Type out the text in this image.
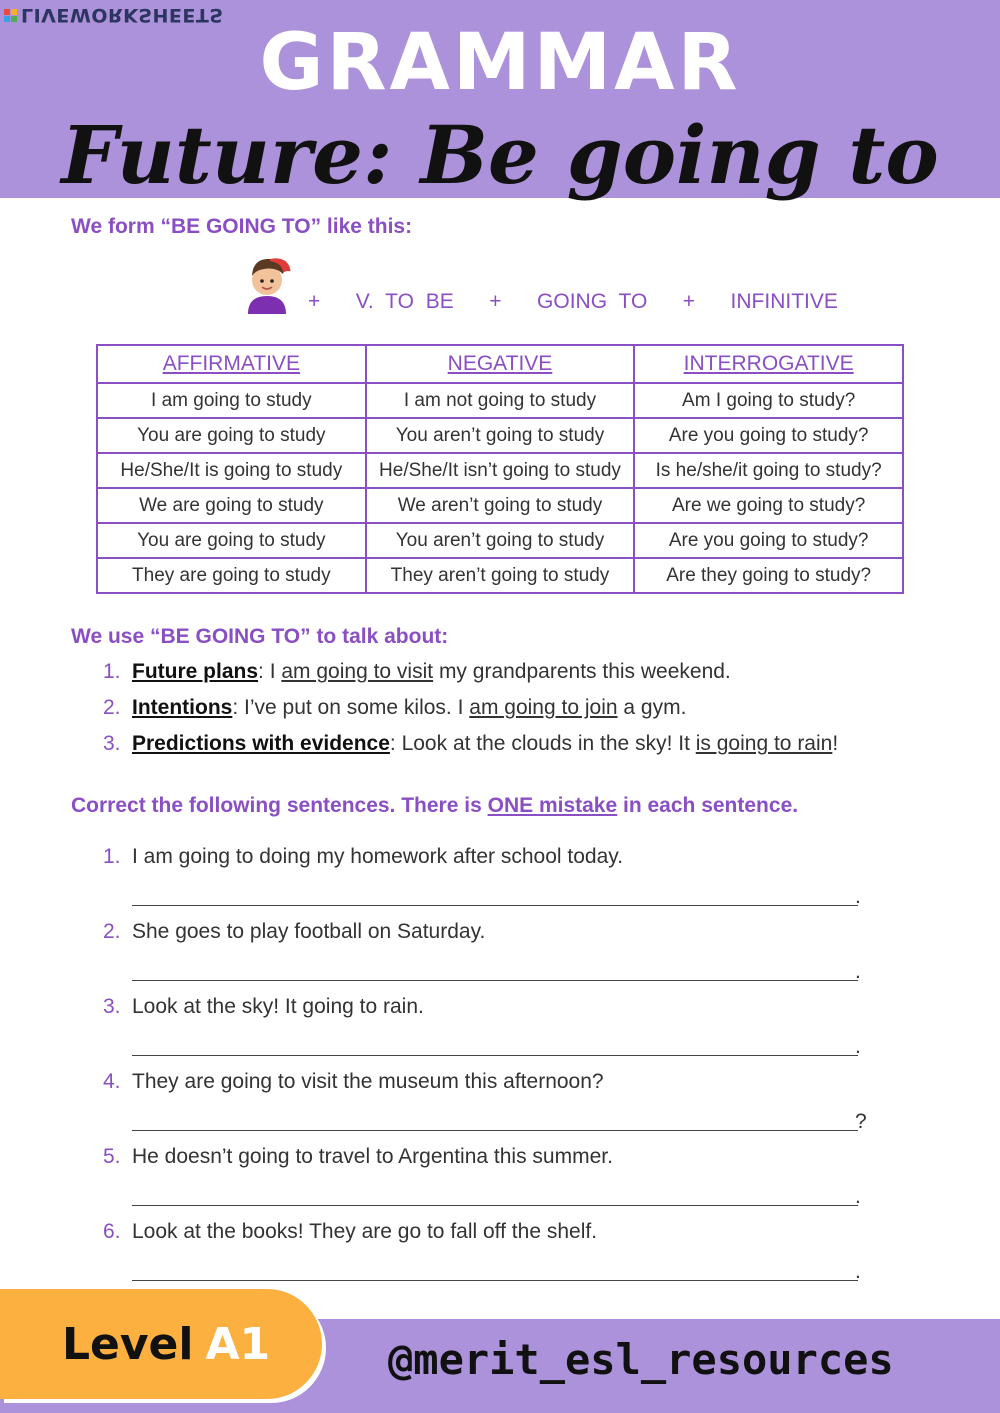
LIVEWORKSHEETS
GRAMMAR
Future: Be going to
We form “BE GOING TO” like this:
+   V. TO BE   +   GOING TO   +   INFINITIVE
AFFIRMATIVE	NEGATIVE	INTERROGATIVE
I am going to study	I am not going to study	Am I going to study?
You are going to study	You aren’t going to study	Are you going to study?
He/She/It is going to study	He/She/It isn’t going to study	Is he/she/it going to study?
We are going to study	We aren’t going to study	Are we going to study?
You are going to study	You aren’t going to study	Are you going to study?
They are going to study	They aren’t going to study	Are they going to study?
We use “BE GOING TO” to talk about:
1. Future plans : I am going to visit my grandparents this weekend.
2. Intentions : I’ve put on some kilos. I am going to join a gym.
3. Predictions with evidence : Look at the clouds in the sky! It is going to rain !
Correct the following sentences. There is ONE mistake in each sentence.
1. I am going to doing my homework after school today.
.
2. She goes to play football on Saturday.
.
3. Look at the sky! It going to rain.
.
4. They are going to visit the museum this afternoon?
?
5. He doesn’t going to travel to Argentina this summer.
.
6. Look at the books! They are go to fall off the shelf.
.
Level A1	@merit_esl_resources
